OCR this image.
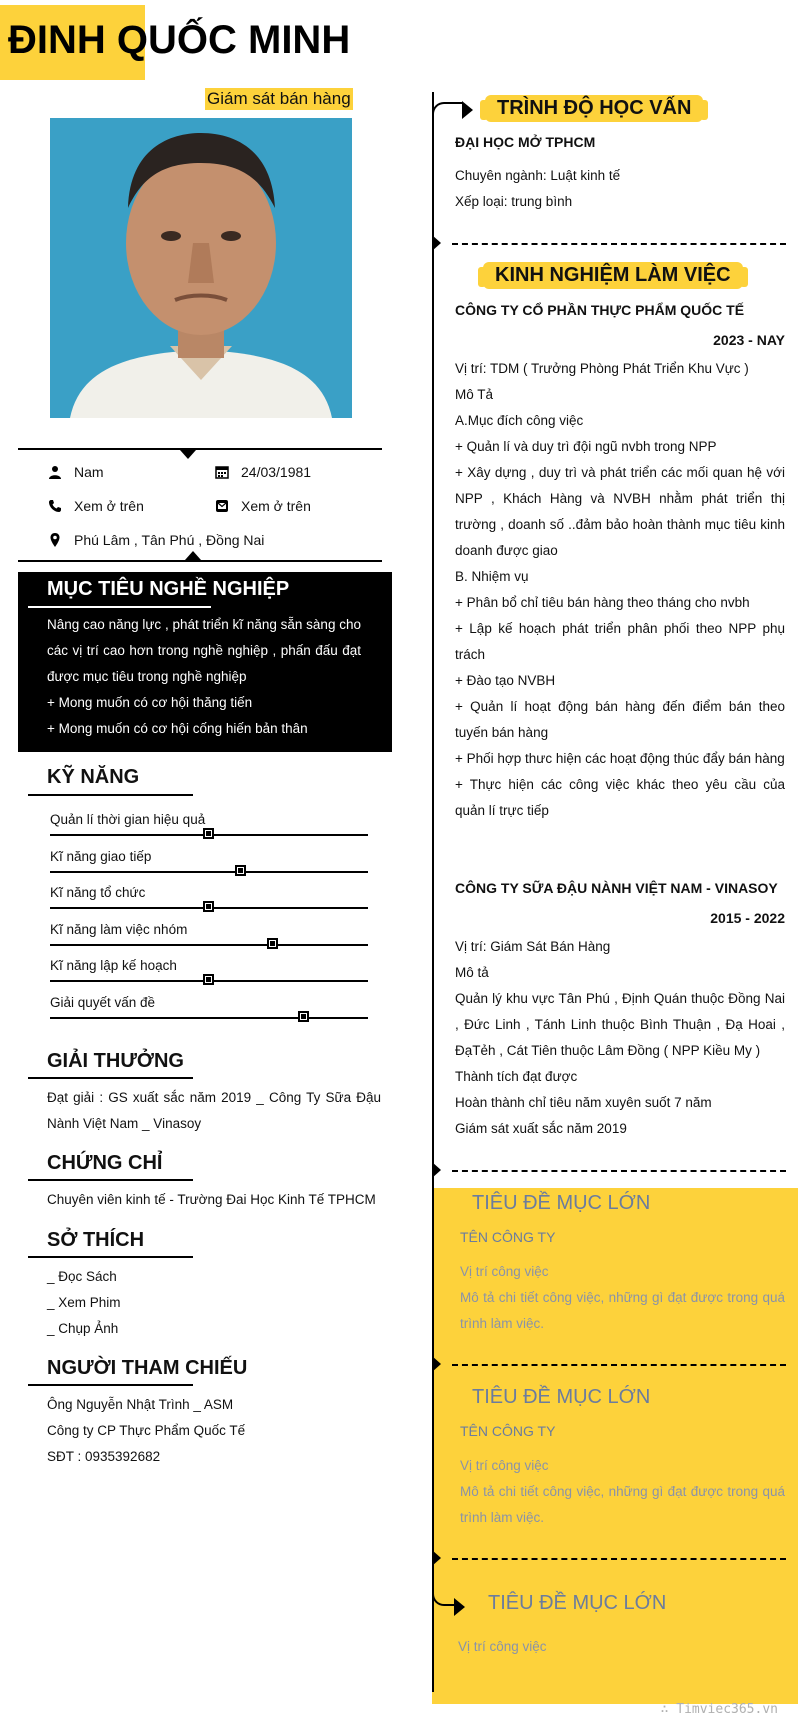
ĐINH QUỐC MINH
Giám sát bán hàng
Nam	24/03/1981
Xem ở trên	Xem ở trên
Phú Lâm , Tân Phú , Đồng Nai
MỤC TIÊU NGHỀ NGHIỆP

Nâng cao năng lực , phát triển kĩ năng sẵn sàng cho các vị trí cao hơn trong nghề nghiệp , phấn đấu đạt được mục tiêu trong nghề nghiệp
+ Mong muốn có cơ hội thăng tiến
+ Mong muốn có cơ hội cống hiến bản thân

KỸ NĂNG
Quản lí thời gian hiệu quả
Kĩ năng giao tiếp
Kĩ năng tổ chức
Kĩ năng làm việc nhóm
Kĩ năng lập kế hoạch
Giải quyết vấn đề
GIẢI THƯỞNG
Đạt giải : GS xuất sắc năm 2019 _ Công Ty Sữa Đậu Nành Việt Nam _ Vinasoy
CHỨNG CHỈ
Chuyên viên kinh tế - Trường Đai Học Kinh Tế TPHCM
SỞ THÍCH
_ Đọc Sách
_ Xem Phim
_ Chụp Ảnh
NGƯỜI THAM CHIẾU
Ông Nguyễn Nhật Trình _ ASM
Công ty CP Thực Phẩm Quốc Tế
SĐT : 0935392682
TRÌNH ĐỘ HỌC VẤN
ĐẠI HỌC MỞ TPHCM
Chuyên ngành: Luật kinh tế
Xếp loại: trung bình
KINH NGHIỆM LÀM VIỆC
CÔNG TY CỔ PHẦN THỰC PHẨM QUỐC TẾ
2023 - NAY
Vị trí: TDM ( Trưởng Phòng Phát Triển Khu Vực )
Mô Tả
A.Mục đích công việc
+ Quản lí và duy trì đội ngũ nvbh trong NPP
+ Xây dựng , duy trì và phát triển các mối quan hệ với NPP , Khách Hàng và NVBH nhằm phát triển thị trường , doanh số ..đảm bảo hoàn thành mục tiêu kinh doanh được giao
B. Nhiệm vụ
+ Phân bổ chỉ tiêu bán hàng theo tháng cho nvbh
+ Lập kế hoạch phát triển phân phối theo NPP phụ trách
+ Đào tạo NVBH
+ Quản lí hoạt động bán hàng đến điểm bán theo tuyến bán hàng
+ Phối hợp thưc hiện các hoạt động thúc đẩy bán hàng
+ Thực hiện các công việc khác theo yêu cầu của quản lí trực tiếp
CÔNG TY SỮA ĐẬU NÀNH VIỆT NAM - VINASOY
2015 - 2022
Vị trí: Giám Sát Bán Hàng
Mô tả
Quản lý khu vực Tân Phú , Định Quán thuộc Đồng Nai , Đức Linh , Tánh Linh thuộc Bình Thuận , Đạ Hoai , ĐạTẻh , Cát Tiên thuộc Lâm Đồng ( NPP Kiều My )
Thành tích đạt được
Hoàn thành chỉ tiêu năm xuyên suốt 7 năm
Giám sát xuất sắc năm 2019
TIÊU ĐỀ MỤC LỚN
TÊN CÔNG TY
Vị trí công việc
Mô tả chi tiết công việc, những gì đạt được trong quá trình làm việc.
TIÊU ĐỀ MỤC LỚN
TÊN CÔNG TY
Vị trí công việc
Mô tả chi tiết công việc, những gì đạt được trong quá trình làm việc.
TIÊU ĐỀ MỤC LỚN
Vị trí công việc
∴ Timviec365.vn
